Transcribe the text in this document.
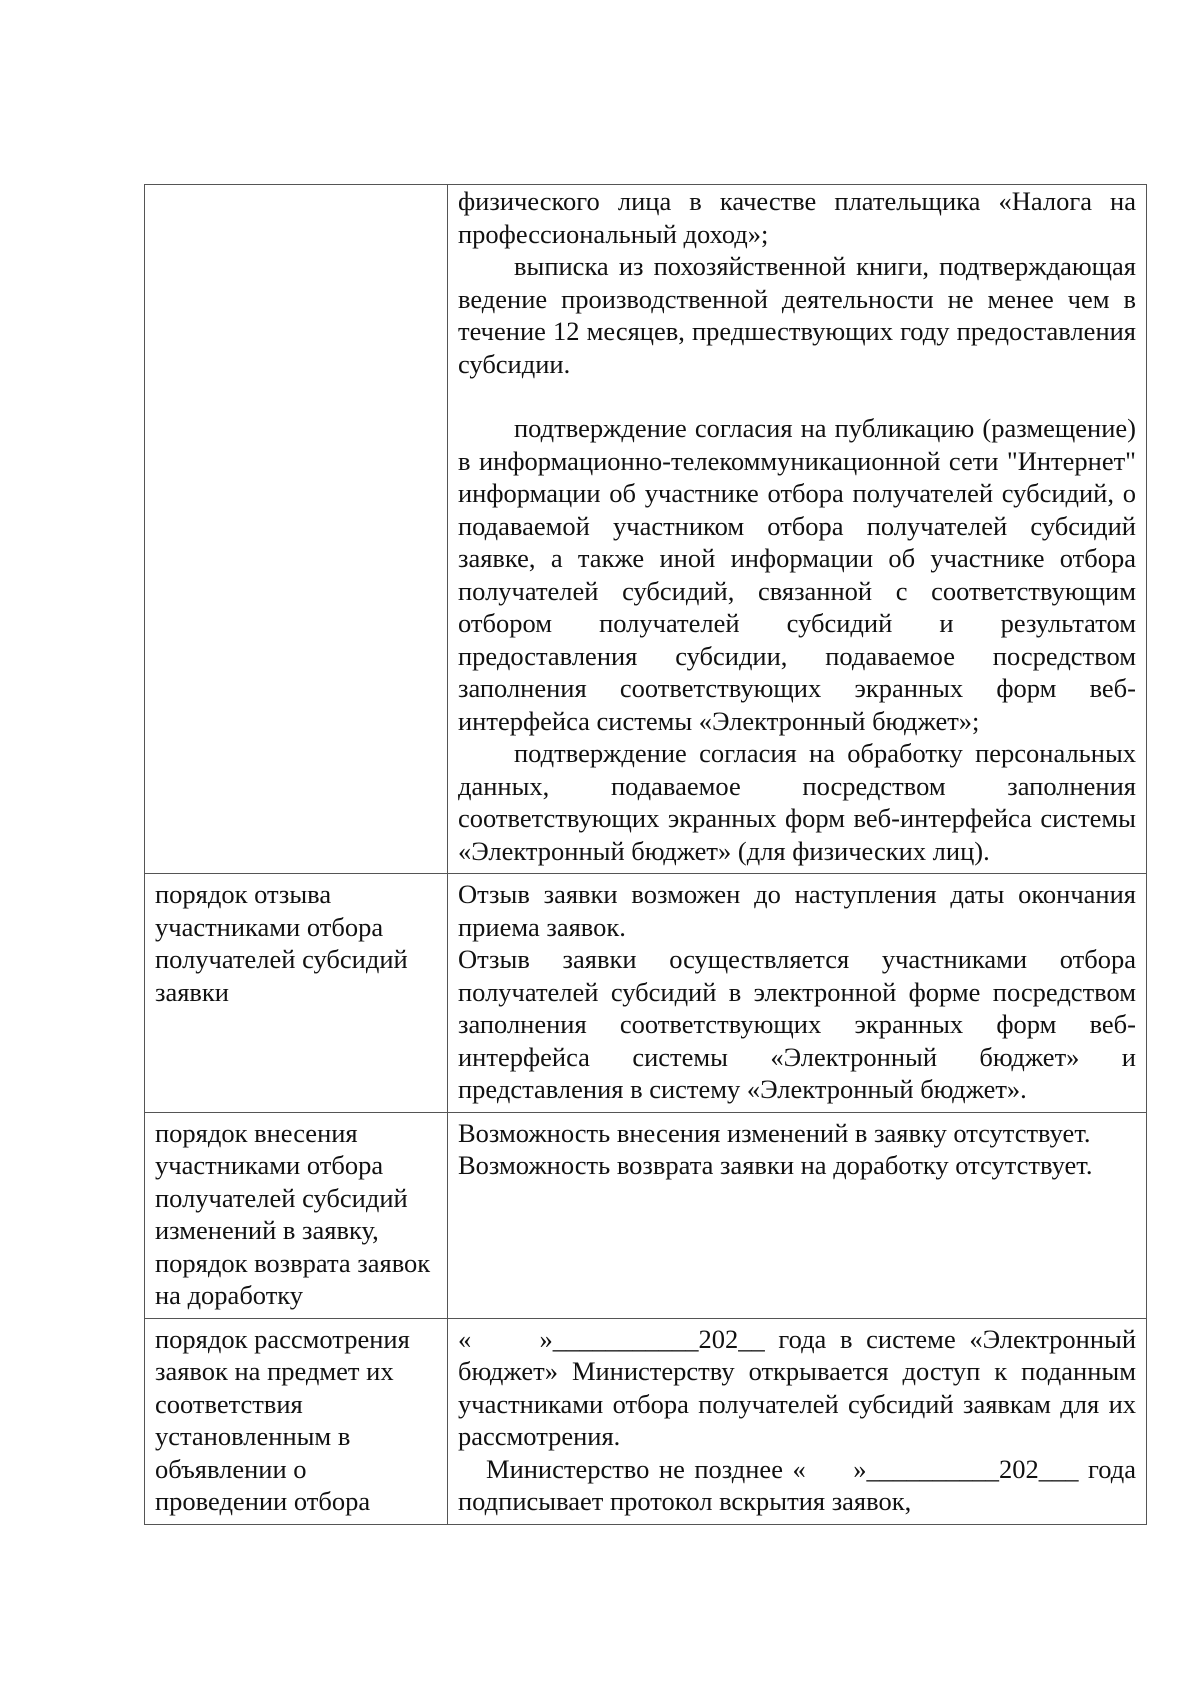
	физического лица в качестве плательщика «Налога на профессиональный доход»;

выписка из похозяйственной книги, подтверждающая ведение производственной деятельности не менее чем в течение 12 месяцев, предшествующих году предоставления субсидии.

подтверждение согласия на публикацию (размещение) в информационно-телекоммуникационной сети "Интернет" информации об участнике отбора получателей субсидий, о подаваемой участником отбора получателей субсидий заявке, а также иной информации об участнике отбора получателей субсидий, связанной с соответствующим отбором получателей субсидий и результатом предоставления субсидии, подаваемое посредством заполнения соответствующих экранных форм веб-интерфейса системы «Электронный бюджет»;

подтверждение согласия на обработку персональных данных, подаваемое посредством заполнения соответствующих экранных форм веб-интерфейса системы «Электронный бюджет» (для физических лиц).

порядок отзыва участниками отбора получателей субсидий заявки	Отзыв заявки возможен до наступления даты окончания приема заявок.

Отзыв заявки осуществляется участниками отбора получателей субсидий в электронной форме посредством заполнения соответствующих экранных форм веб-интерфейса системы «Электронный бюджет» и представления в систему «Электронный бюджет».

порядок внесения участниками отбора получателей субсидий изменений в заявку, порядок возврата заявок на доработку	Возможность внесения изменений в заявку отсутствует.

Возможность возврата заявки на доработку отсутствует.

порядок рассмотрения заявок на предмет их соответствия установленным в объявлении о проведении отбора	« »___________202__ года в системе «Электронный бюджет» Министерству открывается доступ к поданным участниками отбора получателей субсидий заявкам для их рассмотрения.

Министерство не позднее « »__________202___ года подписывает протокол вскрытия заявок,
